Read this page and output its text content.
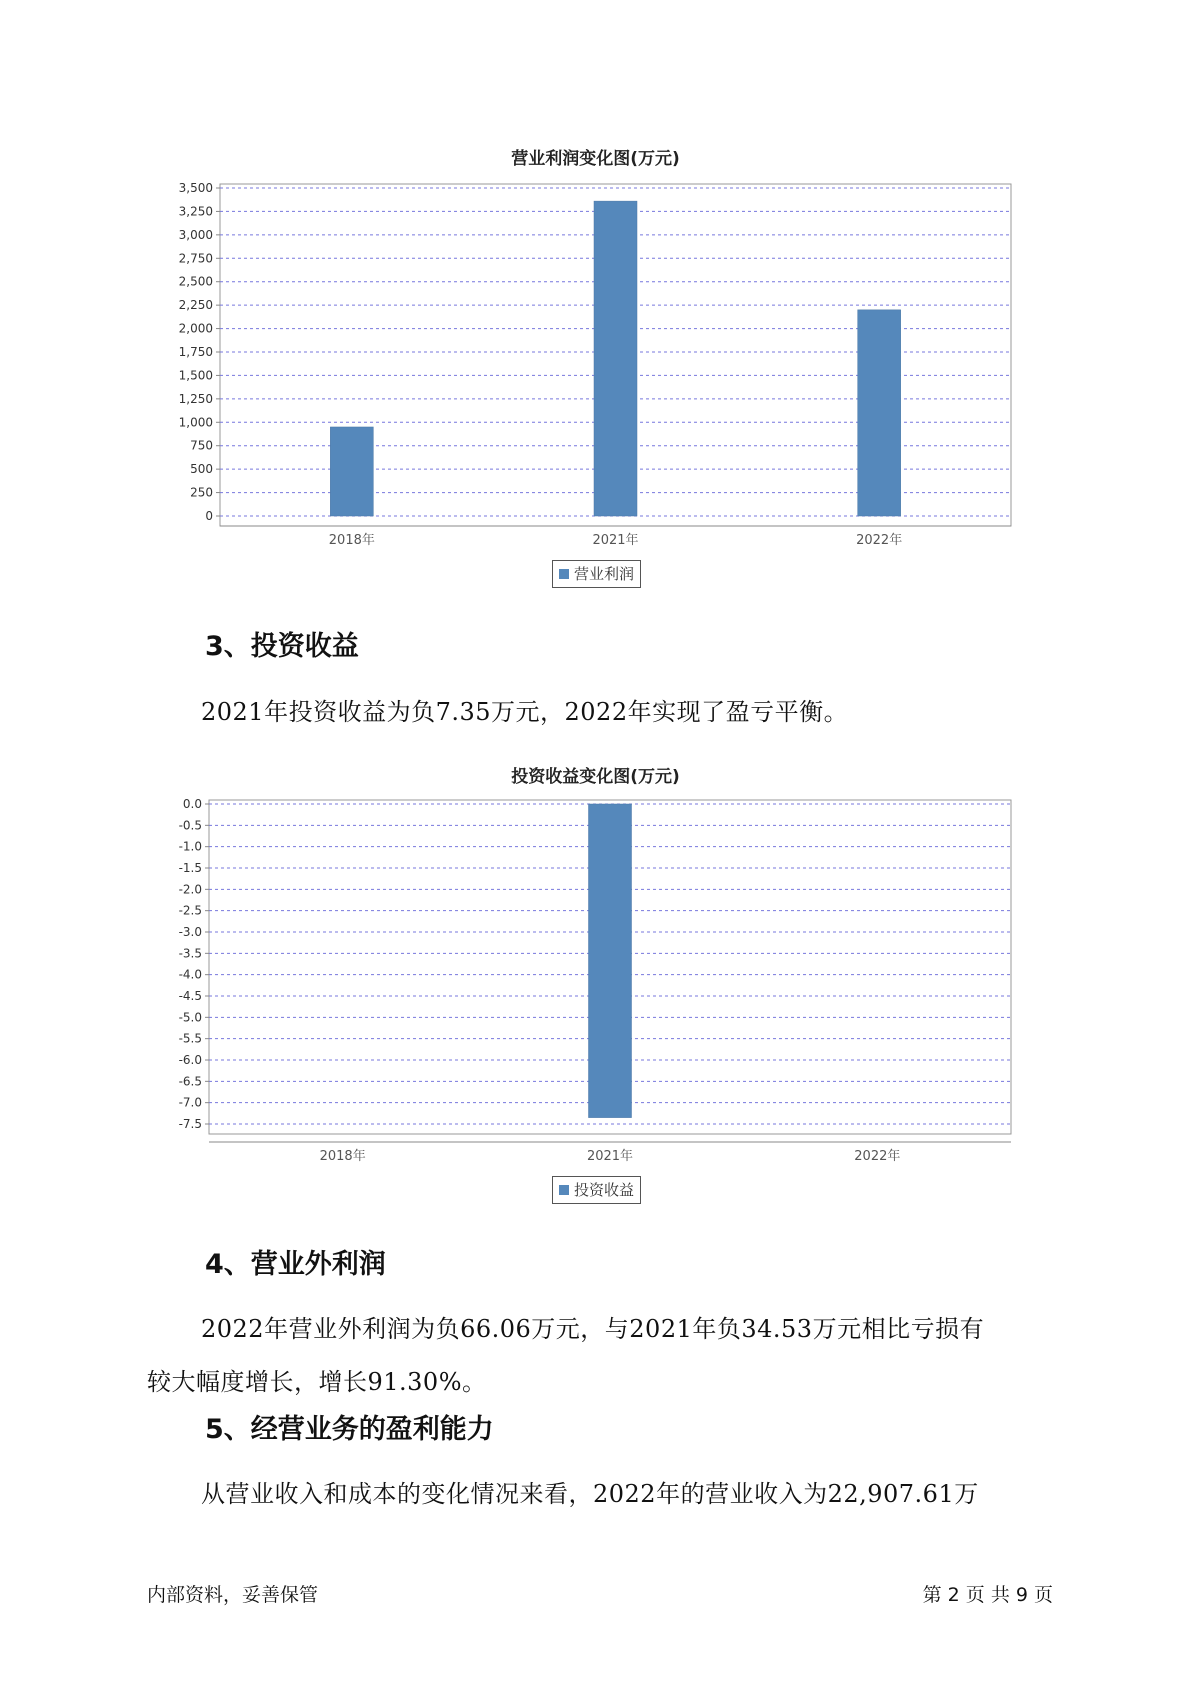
营业利润变化图(万元)
0
250
500
750
1,000
1,250
1,500
1,750
2,000
2,250
2,500
2,750
3,000
3,250
3,500
2018年	2021年	2022年
营业利润
3、投资收益
2021年投资收益为负7.35万元，2022年实现了盈亏平衡。
投资收益变化图(万元)
0.0
-0.5
-1.0
-1.5
-2.0
-2.5
-3.0
-3.5
-4.0
-4.5
-5.0
-5.5
-6.0
-6.5
-7.0
-7.5
2018年	2021年	2022年
投资收益
4、营业外利润
2022年营业外利润为负66.06万元，与2021年负34.53万元相比亏损有
较大幅度增长，增长91.30%。
5、经营业务的盈利能力
从营业收入和成本的变化情况来看，2022年的营业收入为22,907.61万
内部资料，妥善保管	第 2 页 共 9 页
